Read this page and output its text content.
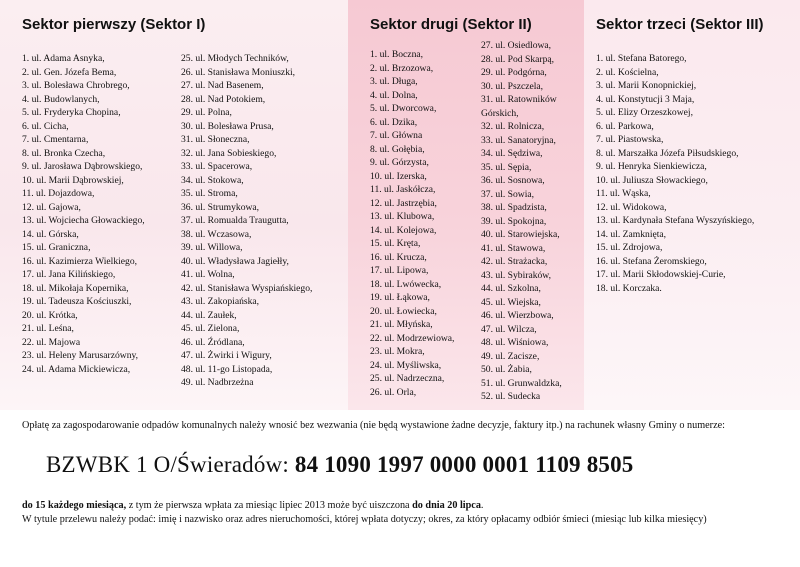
Sektor pierwszy (Sektor I)
1. ul. Adama Asnyka,
2. ul. Gen. Józefa Bema,
3. ul. Bolesława Chrobrego,
4. ul. Budowlanych,
5. ul. Fryderyka Chopina,
6. ul. Cicha,
7. ul. Cmentarna,
8. ul. Bronka Czecha,
9. ul. Jarosława Dąbrowskiego,
10. ul. Marii Dąbrowskiej,
11. ul. Dojazdowa,
12. ul. Gajowa,
13. ul. Wojciecha Głowackiego,
14. ul. Górska,
15. ul. Graniczna,
16. ul. Kazimierza Wielkiego,
17. ul. Jana Kilińskiego,
18. ul. Mikołaja Kopernika,
19. ul. Tadeusza Kościuszki,
20. ul. Krótka,
21. ul. Leśna,
22. ul. Majowa
23. ul. Heleny Marusarzówny,
24. ul. Adama Mickiewicza,
25. ul. Młodych Techników,
26. ul. Stanisława Moniuszki,
27. ul. Nad Basenem,
28. ul. Nad Potokiem,
29. ul. Polna,
30. ul. Bolesława Prusa,
31. ul. Słoneczna,
32. ul. Jana Sobieskiego,
33. ul. Spacerowa,
34. ul. Stokowa,
35. ul. Stroma,
36. ul. Strumykowa,
37. ul. Romualda Traugutta,
38. ul. Wczasowa,
39. ul. Willowa,
40. ul. Władysława Jagiełły,
41. ul. Wolna,
42. ul. Stanisława Wyspiańskiego,
43. ul. Zakopiańska,
44. ul. Zaułek,
45. ul. Zielona,
46. ul. Źródlana,
47. ul. Żwirki i Wigury,
48. ul. 11-go Listopada,
49. ul. Nadbrzeżna
Sektor drugi (Sektor II)
1. ul. Boczna,
2. ul. Brzozowa,
3. ul. Długa,
4. ul. Dolna,
5. ul. Dworcowa,
6. ul. Dzika,
7. ul. Główna
8. ul. Gołębia,
9. ul. Górzysta,
10. ul. Izerska,
11. ul. Jaskółcza,
12. ul. Jastrzębia,
13. ul. Klubowa,
14. ul. Kolejowa,
15. ul. Kręta,
16. ul. Krucza,
17. ul. Lipowa,
18. ul. Lwówecka,
19. ul. Łąkowa,
20. ul. Łowiecka,
21. ul. Młyńska,
22. ul. Modrzewiowa,
23. ul. Mokra,
24. ul. Myśliwska,
25. ul. Nadrzeczna,
26. ul. Orla,
27. ul. Osiedlowa,
28. ul. Pod Skarpą,
29. ul. Podgórna,
30. ul. Pszczela,
31. ul. Ratowników Górskich,
32. ul. Rolnicza,
33. ul. Sanatoryjna,
34. ul. Sędziwa,
35. ul. Sępia,
36. ul. Sosnowa,
37. ul. Sowia,
38. ul. Spadzista,
39. ul. Spokojna,
40. ul. Starowiejska,
41. ul. Stawowa,
42. ul. Strażacka,
43. ul. Sybiraków,
44. ul. Szkolna,
45. ul. Wiejska,
46. ul. Wierzbowa,
47. ul. Wilcza,
48. ul. Wiśniowa,
49. ul. Zacisze,
50. ul. Żabia,
51. ul. Grunwaldzka,
52. ul. Sudecka
Sektor trzeci (Sektor III)
1. ul. Stefana Batorego,
2. ul. Kościelna,
3. ul. Marii Konopnickiej,
4. ul. Konstytucji 3 Maja,
5. ul. Elizy Orzeszkowej,
6. ul. Parkowa,
7. ul. Piastowska,
8. ul. Marszałka Józefa Piłsudskiego,
9. ul. Henryka Sienkiewicza,
10. ul. Juliusza Słowackiego,
11. ul. Wąska,
12. ul. Widokowa,
13. ul. Kardynała Stefana Wyszyńskiego,
14. ul. Zamknięta,
15. ul. Zdrojowa,
16. ul. Stefana Żeromskiego,
17. ul. Marii Skłodowskiej-Curie,
18. ul. Korczaka.
Opłatę za zagospodarowanie odpadów komunalnych należy wnosić bez wezwania (nie będą wystawione żadne decyzje, faktury itp.) na rachunek własny Gminy o numerze:
BZWBK 1 O/Świeradów: 84 1090 1997 0000 0001 1109 8505
do 15 każdego miesiąca, z tym że pierwsza wpłata za miesiąc lipiec 2013 może być uiszczona do dnia 20 lipca.
W tytule przelewu należy podać: imię i nazwisko oraz adres nieruchomości, której wpłata dotyczy; okres, za który opłacamy odbiór śmieci (miesiąc lub kilka miesięcy)
